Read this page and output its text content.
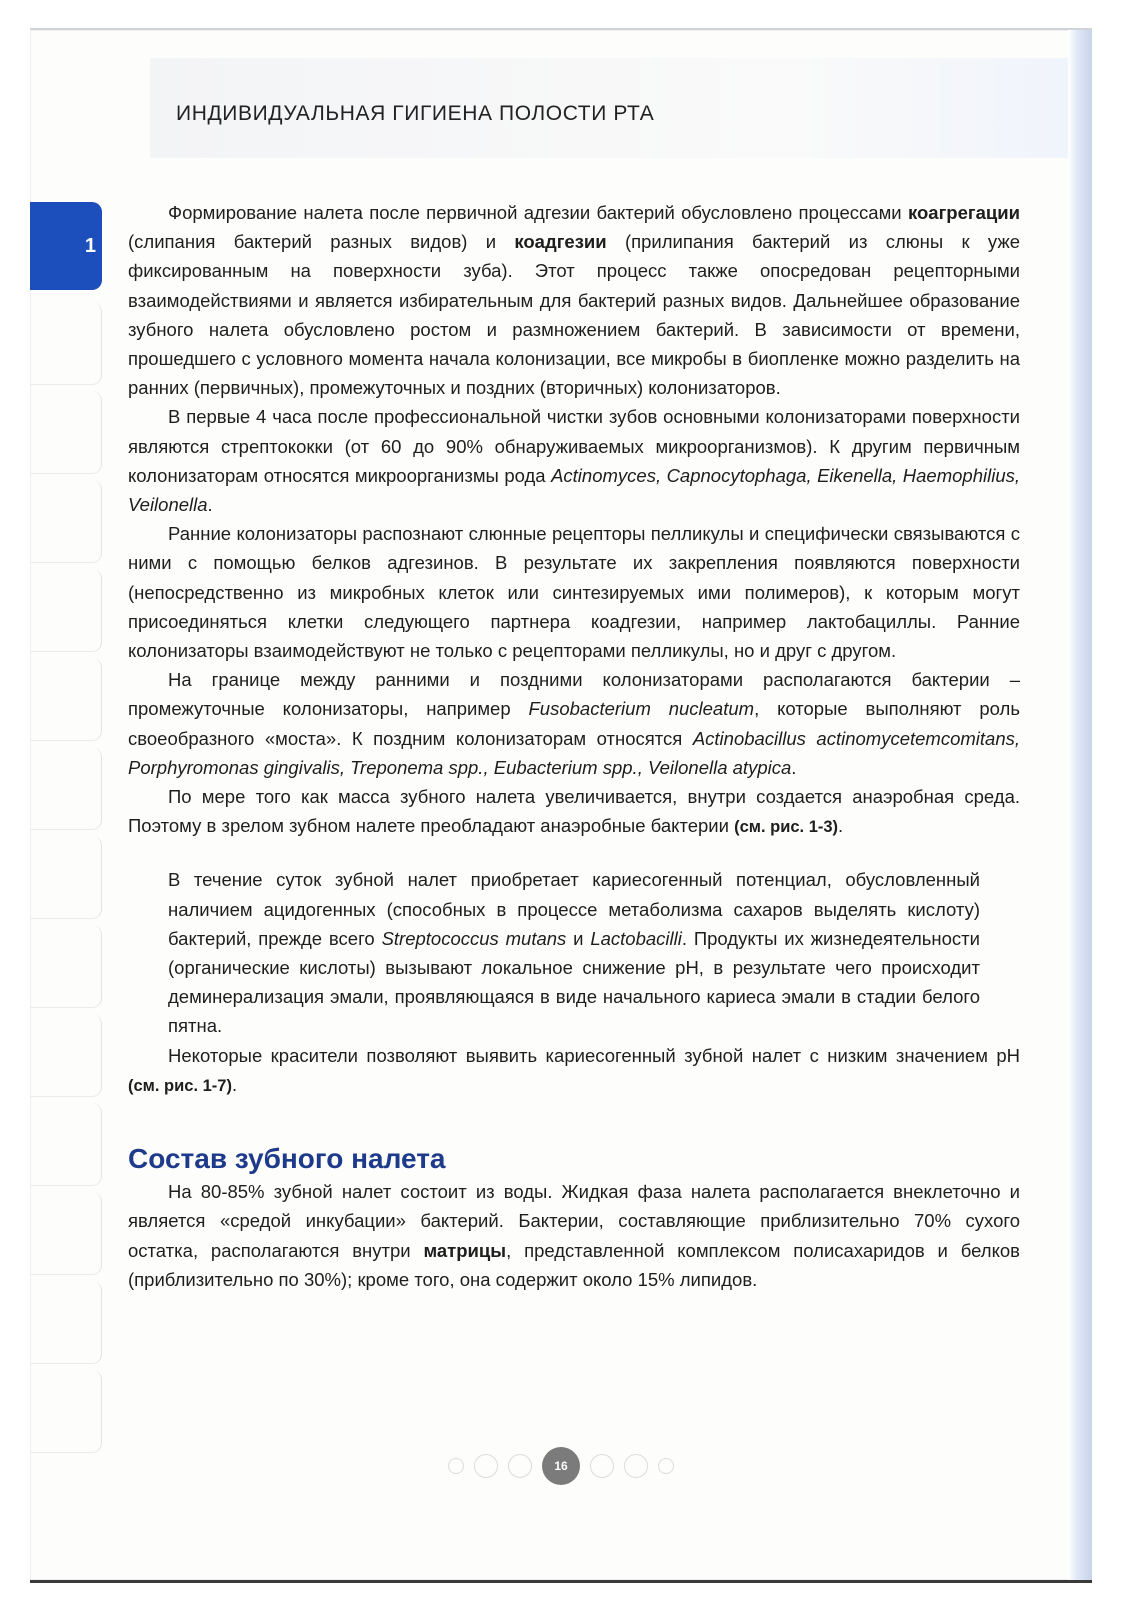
ИНДИВИДУАЛЬНАЯ ГИГИЕНА ПОЛОСТИ РТА
1

Формирование налета после первичной адгезии бактерий обусловлено процессами коагрегации (слипания бактерий разных видов) и коадгезии (прилипания бактерий из слюны к уже фиксированным на поверхности зуба). Этот процесс также опосредован рецепторными взаимодействиями и является избирательным для бактерий разных видов. Дальнейшее образование зубного налета обусловлено ростом и размножением бактерий. В зависимости от времени, прошедшего с условного момента начала колонизации, все микробы в биопленке можно разделить на ранних (первичных), промежуточных и поздних (вторичных) колонизаторов.

В первые 4 часа после профессиональной чистки зубов основными колонизаторами поверхности являются стрептококки (от 60 до 90% обнаруживаемых микроорганизмов). К другим первичным колонизаторам относятся микроорганизмы рода Actinomyces, Capnocytophaga, Eikenella, Haemophilius, Veilonella.

Ранние колонизаторы распознают слюнные рецепторы пелликулы и специфически связываются с ними с помощью белков адгезинов. В результате их закрепления появляются поверхности (непосредственно из микробных клеток или синтезируемых ими полимеров), к которым могут присоединяться клетки следующего партнера коадгезии, например лактобациллы. Ранние колонизаторы взаимодействуют не только с рецепторами пелликулы, но и друг с другом.

На границе между ранними и поздними колонизаторами располагаются бактерии – промежуточные колонизаторы, например Fusobacterium nucleatum, которые выполняют роль своеобразного «моста». К поздним колонизаторам относятся Actinobacillus actinomycetemcomitans, Porphyromonas gingivalis, Treponema spp., Eubacterium spp., Veilonella atypica.

По мере того как масса зубного налета увеличивается, внутри создается анаэробная среда. Поэтому в зрелом зубном налете преобладают анаэробные бактерии (см. рис. 1-3).

В течение суток зубной налет приобретает кариесогенный потенциал, обусловленный наличием ацидогенных (способных в процессе метаболизма сахаров выделять кислоту) бактерий, прежде всего Streptococcus mutans и Lactobacilli. Продукты их жизнедеятельности (органические кислоты) вызывают локальное снижение pH, в результате чего происходит деминерализация эмали, проявляющаяся в виде начального кариеса эмали в стадии белого пятна.

Некоторые красители позволяют выявить кариесогенный зубной налет с низким значением pH (см. рис. 1-7).

Состав зубного налета

На 80-85% зубной налет состоит из воды. Жидкая фаза налета располагается внеклеточно и является «средой инкубации» бактерий. Бактерии, составляющие приблизительно 70% сухого остатка, располагаются внутри матрицы, представленной комплексом полисахаридов и белков (приблизительно по 30%); кроме того, она содержит около 15% липидов.

16
